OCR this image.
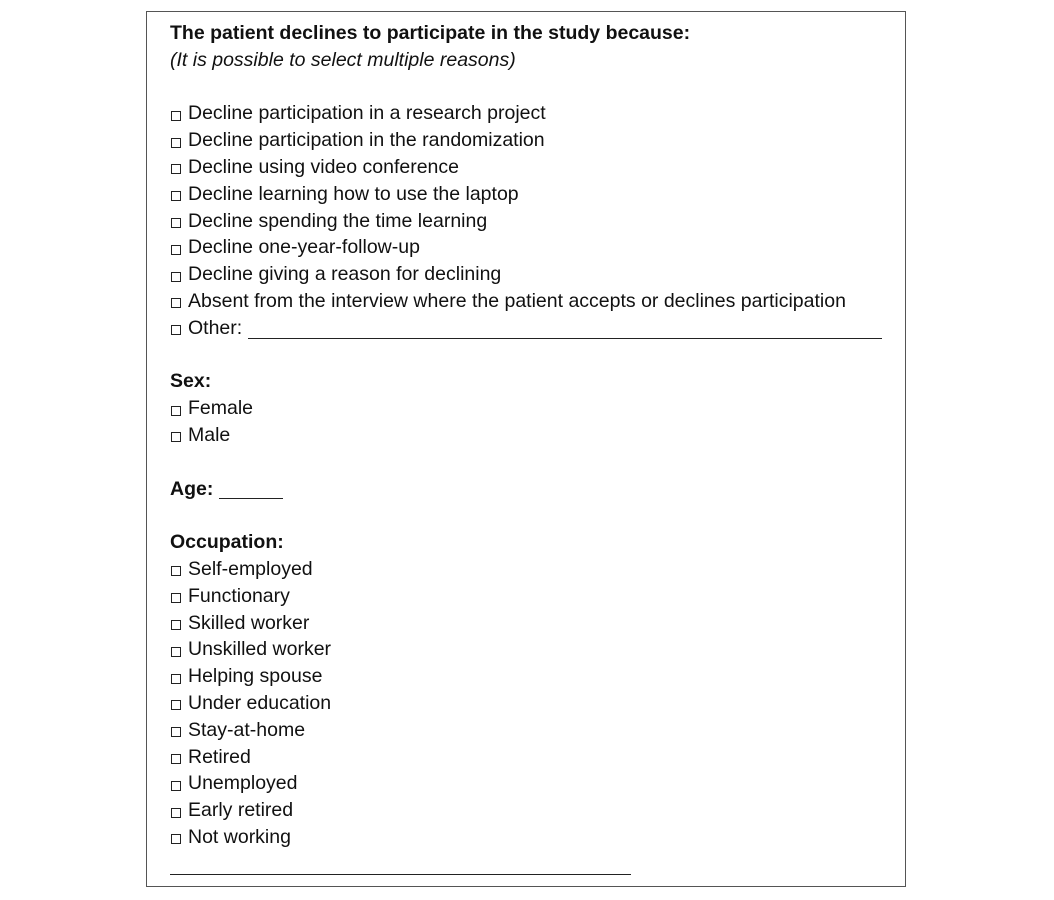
The patient declines to participate in the study because:
(It is possible to select multiple reasons)
Decline participation in a research project
Decline participation in the randomization
Decline using video conference
Decline learning how to use the laptop
Decline spending the time learning
Decline one-year-follow-up
Decline giving a reason for declining
Absent from the interview where the patient accepts or declines participation
Other:
Sex:
Female
Male
Age:
Occupation:
Self-employed
Functionary
Skilled worker
Unskilled worker
Helping spouse
Under education
Stay-at-home
Retired
Unemployed
Early retired
Not working
